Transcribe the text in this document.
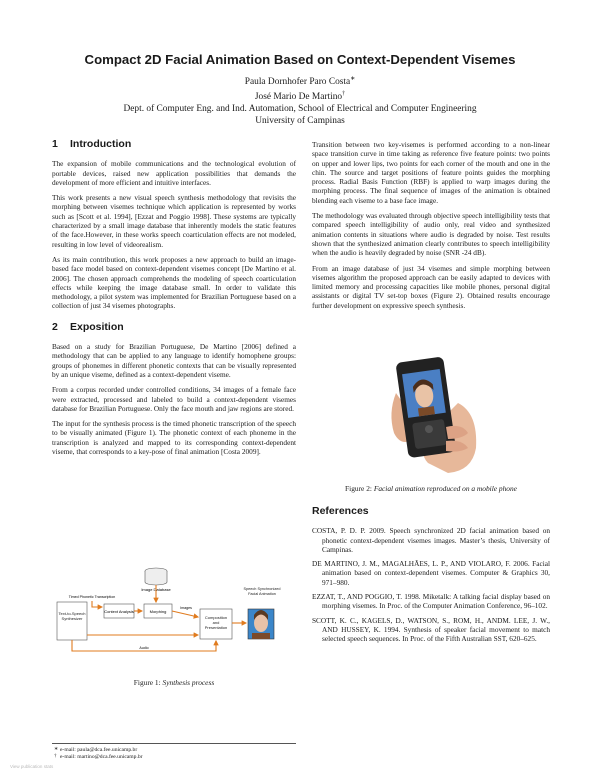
Compact 2D Facial Animation Based on Context-Dependent Visemes
Paula Dornhofer Paro Costa∗
José Mario De Martino†
Dept. of Computer Eng. and Ind. Automation, School of Electrical and Computer Engineering
University of Campinas
1 Introduction

The expansion of mobile communications and the technological evolution of portable devices, raised new application possibilities that demands the development of more efficient and intuitive interfaces.

This work presents a new visual speech synthesis methodology that revisits the morphing between visemes technique which application is represented by works such as [Scott et al. 1994], [Ezzat and Poggio 1998]. These systems are typically characterized by a small image database that inherently models the static features of the face.However, in these works speech coarticulation effects are not modeled, resulting in low level of videorealism.

As its main contribution, this work proposes a new approach to build an image-based face model based on context-dependent visemes concept [De Martino et al. 2006]. The chosen approach comprehends the modeling of speech coarticulation effects while keeping the image database small. In order to validate this methodology, a pilot system was implemented for Brazilian Portuguese based on a collection of just 34 visemes photographs.

2 Exposition

Based on a study for Brazilian Portuguese, De Martino [2006] defined a methodology that can be applied to any language to identify homophene groups: groups of phonemes in different phonetic contexts that can be visually represented by an unique viseme, defined as a context-dependent viseme.

From a corpus recorded under controlled conditions, 34 images of a female face were extracted, processed and labeled to build a context-dependent visemes database for Brazilian Portuguese. Only the face mouth and jaw regions are stored.

The input for the synthesis process is the timed phonetic transcription of the speech to be visually animated (Figure 1). The phonetic context of each phoneme in the transcription is analyzed and mapped to its corresponding context-dependent viseme, that corresponds to a key-pose of final animation [Costa 2009].

Image Database
Timed Phonetic Transcription
Text-to-Speech Synthesizer
Context Analysis	Morphing
Composition and Presentation
Speech Synchronized Facial Animation
Images
Audio
Figure 1: Synthesis process
∗ e-mail: paula@dca.fee.unicamp.br
† e-mail: martino@dca.fee.unicamp.br

Transition between two key-visemes is performed according to a non-linear space transition curve in time taking as reference five feature points: two points on upper and lower lips, two points for each corner of the mouth and one in the chin. The source and target positions of feature points guides the morphing process. Radial Basis Function (RBF) is applied to warp images during the morphing process. The final sequence of images of the animation is obtained blending each viseme to a base face image.

The methodology was evaluated through objective speech intelligibility tests that compared speech intelligibility of audio only, real video and synthesized animation contents in situations where audio is degraded by noise. Test results shown that the synthesized animation clearly contributes to speech intelligibility when the audio is heavily degraded by noise (SNR -24 dB).

From an image database of just 34 visemes and simple morphing between visemes algorithm the proposed approach can be easily adapted to devices with limited memory and processing capacities like mobile phones, personal digital assistants or digital TV set-top boxes (Figure 2). Obtained results encourage further development on expressive speech synthesis.

Figure 2: Facial animation reproduced on a mobile phone
References
COSTA, P. D. P. 2009. Speech synchronized 2D facial animation based on phonetic context-dependent visemes images. Master’s thesis, University of Campinas.
DE MARTINO, J. M., MAGALHÃES, L. P., AND VIOLARO, F. 2006. Facial animation based on context-dependent visemes. Computer & Graphics 30, 971–980.
EZZAT, T., AND POGGIO, T. 1998. Miketalk: A talking facial display based on morphing visemes. In Proc. of the Computer Animation Conference, 96–102.
SCOTT, K. C., KAGELS, D., WATSON, S., ROM, H., ANDM. LEE, J. W., AND HUSSEY, K. 1994. Synthesis of speaker facial movement to match selected speech sequences. In Proc. of the Fifth Australian SST, 620–625.
View publication stats
